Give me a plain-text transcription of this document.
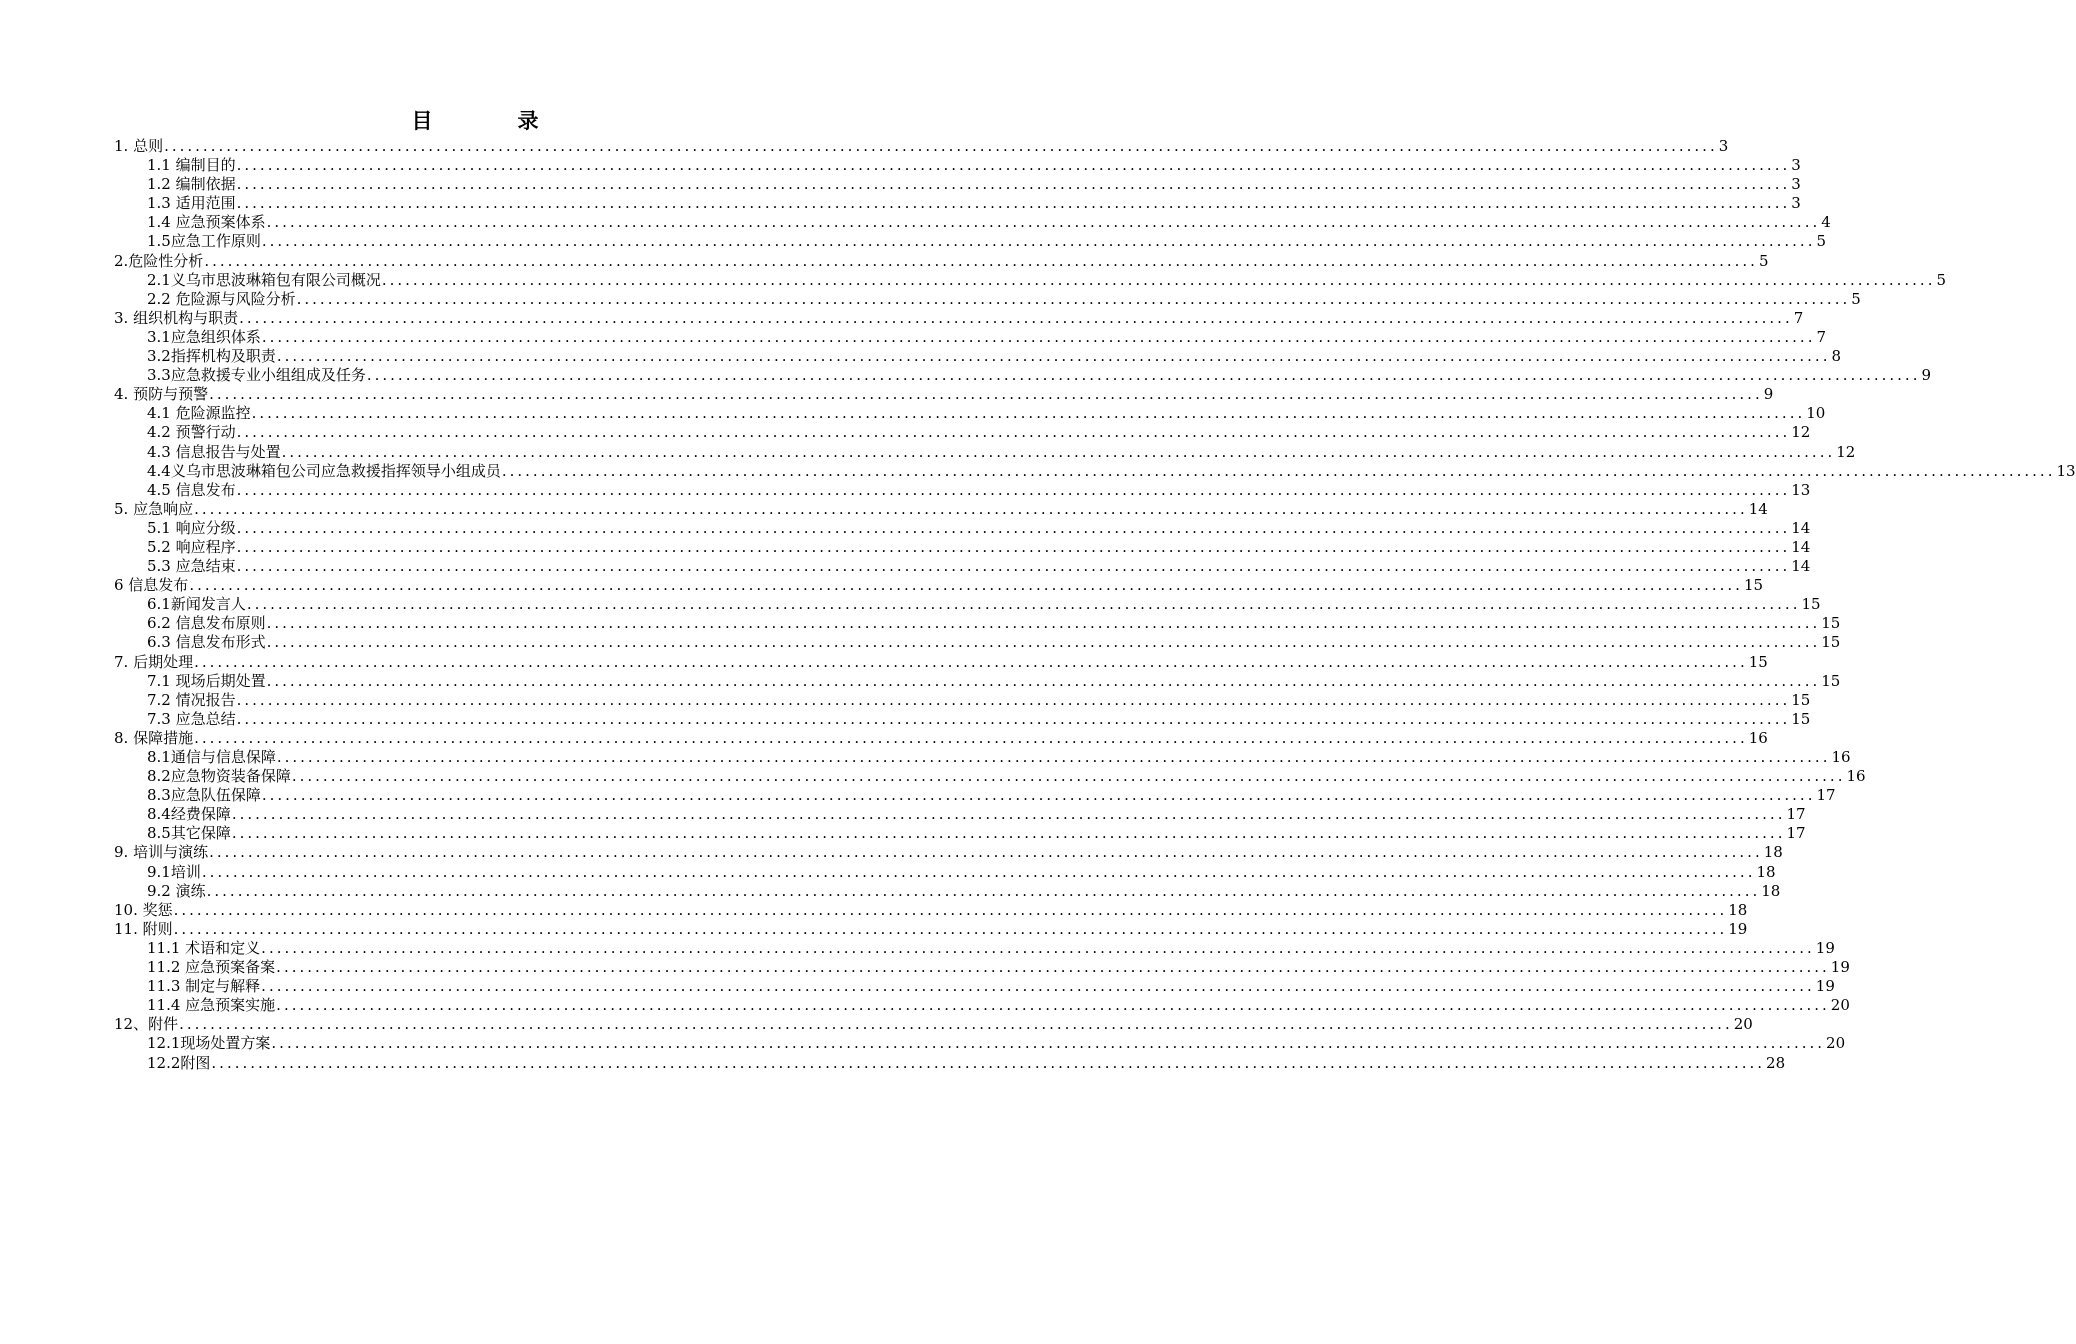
目　录
1. 总则 ........................................................................................................................................................................................................ 3
1.1 编制目的 ........................................................................................................................................................................................................ 3
1.2 编制依据 ........................................................................................................................................................................................................ 3
1.3 适用范围 ........................................................................................................................................................................................................ 3
1.4 应急预案体系 ........................................................................................................................................................................................................ 4
1.5应急工作原则 ........................................................................................................................................................................................................ 5
2.危险性分析 ........................................................................................................................................................................................................ 5
2.1义乌市思波琳箱包有限公司概况 ........................................................................................................................................................................................................ 5
2.2 危险源与风险分析 ........................................................................................................................................................................................................ 5
3. 组织机构与职责 ........................................................................................................................................................................................................ 7
3.1应急组织体系 ........................................................................................................................................................................................................ 7
3.2指挥机构及职责 ........................................................................................................................................................................................................ 8
3.3应急救援专业小组组成及任务 ........................................................................................................................................................................................................ 9
4. 预防与预警 ........................................................................................................................................................................................................ 9
4.1 危险源监控 ........................................................................................................................................................................................................ 10
4.2 预警行动 ........................................................................................................................................................................................................ 12
4.3 信息报告与处置 ........................................................................................................................................................................................................ 12
4.4义乌市思波琳箱包公司应急救援指挥领导小组成员 ........................................................................................................................................................................................................ 13
4.5 信息发布 ........................................................................................................................................................................................................ 13
5. 应急响应 ........................................................................................................................................................................................................ 14
5.1 响应分级 ........................................................................................................................................................................................................ 14
5.2 响应程序 ........................................................................................................................................................................................................ 14
5.3 应急结束 ........................................................................................................................................................................................................ 14
6 信息发布 ........................................................................................................................................................................................................ 15
6.1新闻发言人 ........................................................................................................................................................................................................ 15
6.2 信息发布原则 ........................................................................................................................................................................................................ 15
6.3 信息发布形式 ........................................................................................................................................................................................................ 15
7. 后期处理 ........................................................................................................................................................................................................ 15
7.1 现场后期处置 ........................................................................................................................................................................................................ 15
7.2 情况报告 ........................................................................................................................................................................................................ 15
7.3 应急总结 ........................................................................................................................................................................................................ 15
8. 保障措施 ........................................................................................................................................................................................................ 16
8.1通信与信息保障 ........................................................................................................................................................................................................ 16
8.2应急物资装备保障 ........................................................................................................................................................................................................ 16
8.3应急队伍保障 ........................................................................................................................................................................................................ 17
8.4经费保障 ........................................................................................................................................................................................................ 17
8.5其它保障 ........................................................................................................................................................................................................ 17
9. 培训与演练 ........................................................................................................................................................................................................ 18
9.1培训 ........................................................................................................................................................................................................ 18
9.2 演练 ........................................................................................................................................................................................................ 18
10. 奖惩 ........................................................................................................................................................................................................ 18
11. 附则 ........................................................................................................................................................................................................ 19
11.1 术语和定义 ........................................................................................................................................................................................................ 19
11.2 应急预案备案 ........................................................................................................................................................................................................ 19
11.3 制定与解释 ........................................................................................................................................................................................................ 19
11.4 应急预案实施 ........................................................................................................................................................................................................ 20
12、附件 ........................................................................................................................................................................................................ 20
12.1现场处置方案 ........................................................................................................................................................................................................ 20
12.2附图 ........................................................................................................................................................................................................ 28
